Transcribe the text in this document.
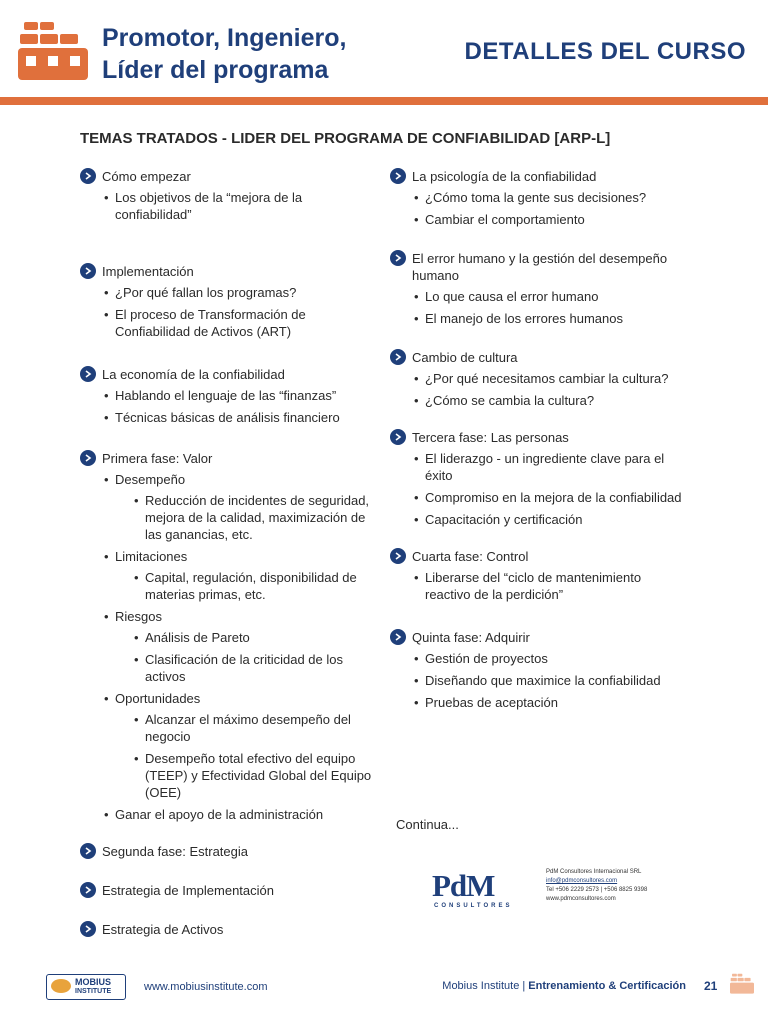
Promotor, Ingeniero,
Líder del programa
DETALLES DEL CURSO
TEMAS TRATADOS - LIDER DEL PROGRAMA DE CONFIABILIDAD [ARP-L]
Cómo empezar
• Los objetivos de la “mejora de la confiabilidad”
Implementación
• ¿Por qué fallan los programas?
• El proceso de Transformación de Confiabilidad de Activos (ART)
La economía de la confiabilidad
• Hablando el lenguaje de las “finanzas”
• Técnicas básicas de análisis financiero
Primera fase: Valor
• Desempeño
• Reducción de incidentes de seguridad, mejora de la calidad, maximización de las ganancias, etc.
• Limitaciones
• Capital, regulación, disponibilidad de materias primas, etc.
• Riesgos
• Análisis de Pareto
• Clasificación de la criticidad de los activos
• Oportunidades
• Alcanzar el máximo desempeño del negocio
• Desempeño total efectivo del equipo (TEEP) y Efectividad Global del Equipo (OEE)
• Ganar el apoyo de la administración
Segunda fase: Estrategia
Estrategia de Implementación
Estrategia de Activos
La psicología de la confiabilidad
• ¿Cómo toma la gente sus decisiones?
• Cambiar el comportamiento
El error humano y la gestión del desempeño humano
• Lo que causa el error humano
• El manejo de los errores humanos
Cambio de cultura
• ¿Por qué necesitamos cambiar la cultura?
• ¿Cómo se cambia la cultura?
Tercera fase: Las personas
• El liderazgo - un ingrediente clave para el éxito
• Compromiso en la mejora de la confiabilidad
• Capacitación y certificación
Cuarta fase: Control
• Liberarse del “ciclo de mantenimiento reactivo de la perdición”
Quinta fase: Adquirir
• Gestión de proyectos
• Diseñando que maximice la confiabilidad
• Pruebas de aceptación
Continua...
PdM
CONSULTORES
PdM Consultores Internacional SRL
info@pdmconsultores.com
Tel +506 2229 2573 | +506 8825 9398
www.pdmconsultores.com
MOBIUS
INSTITUTE	www.mobiusinstitute.com	Mobius Institute | Entrenamiento & Certificación 21
